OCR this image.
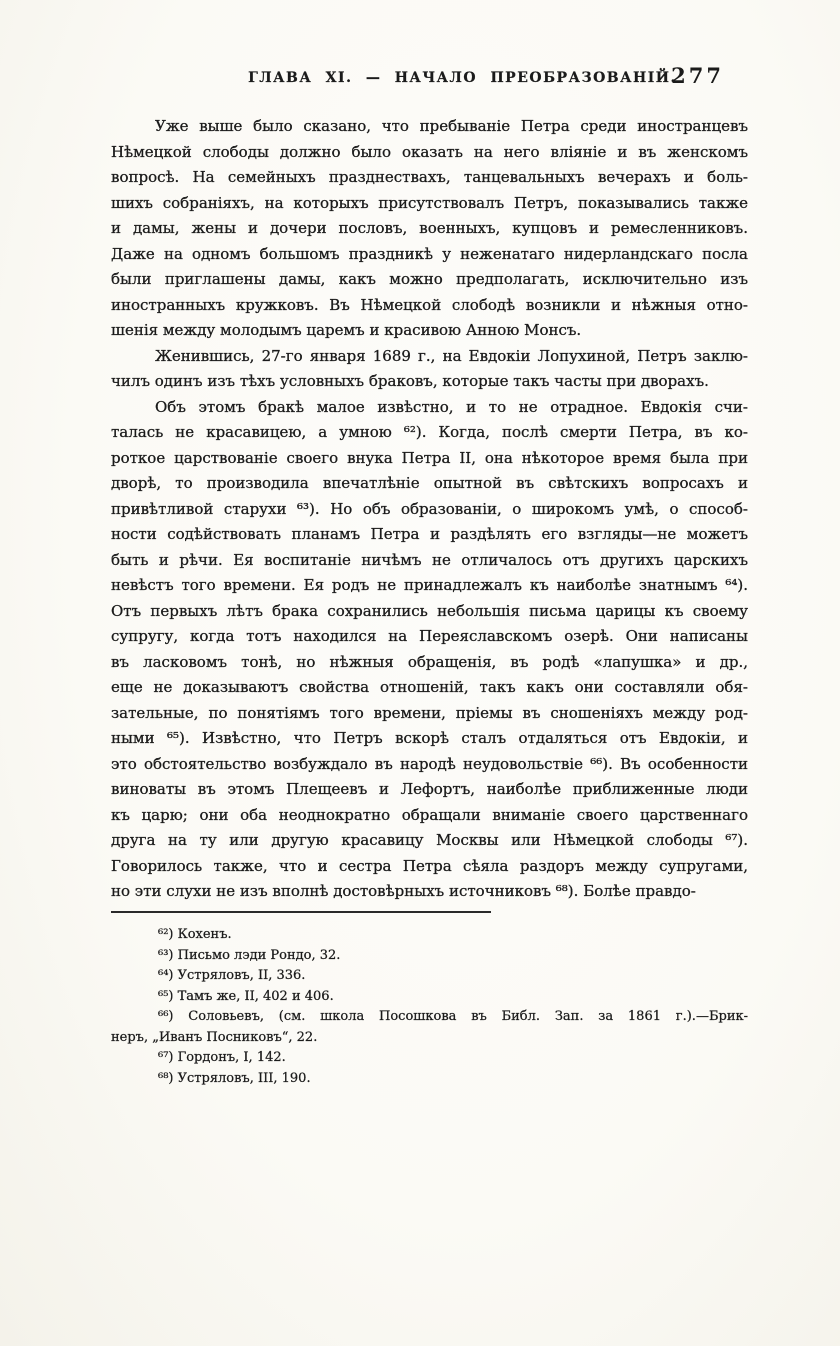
ГЛАВА XI. — НАЧАЛО ПРЕОБРАЗОВАНІЙ.
277
Уже выше было сказано, что пребываніе Петра среди иностранцевъ
Нѣмецкой слободы должно было оказать на него вліяніе и въ женскомъ
вопросѣ. На семейныхъ празднествахъ, танцевальныхъ вечерахъ и боль-
шихъ собраніяхъ, на которыхъ присутствовалъ Петръ, показывались также
и дамы, жены и дочери пословъ, военныхъ, купцовъ и ремесленниковъ.
Даже на одномъ большомъ праздникѣ у неженатаго нидерландскаго посла
были приглашены дамы, какъ можно предполагать, исключительно изъ
иностранныхъ кружковъ. Въ Нѣмецкой слободѣ возникли и нѣжныя отно-
шенія между молодымъ царемъ и красивою Анною Монсъ.
Женившись, 27-го января 1689 г., на Евдокіи Лопухиной, Петръ заклю-
чилъ одинъ изъ тѣхъ условныхъ браковъ, которые такъ часты при дворахъ.
Объ этомъ бракѣ малое извѣстно, и то не отрадное. Евдокія счи-
талась не красавицею, а умною ⁶²). Когда, послѣ смерти Петра, въ ко-
роткое царствованіе своего внука Петра II, она нѣкоторое время была при
дворѣ, то производила впечатлѣніе опытной въ свѣтскихъ вопросахъ и
привѣтливой старухи ⁶³). Но объ образованіи, о широкомъ умѣ, о способ-
ности содѣйствовать планамъ Петра и раздѣлять его взгляды—не можетъ
быть и рѣчи. Ея воспитаніе ничѣмъ не отличалось отъ другихъ царскихъ
невѣстъ того времени. Ея родъ не принадлежалъ къ наиболѣе знатнымъ ⁶⁴).
Отъ первыхъ лѣтъ брака сохранились небольшія письма царицы къ своему
супругу, когда тотъ находился на Переяславскомъ озерѣ. Они написаны
въ ласковомъ тонѣ, но нѣжныя обращенія, въ родѣ «лапушка» и др.,
еще не доказываютъ свойства отношеній, такъ какъ они составляли обя-
зательные, по понятіямъ того времени, пріемы въ сношеніяхъ между род-
ными ⁶⁵). Извѣстно, что Петръ вскорѣ сталъ отдаляться отъ Евдокіи, и
это обстоятельство возбуждало въ народѣ неудовольствіе ⁶⁶). Въ особенности
виноваты въ этомъ Плещеевъ и Лефортъ, наиболѣе приближенные люди
къ царю; они оба неоднократно обращали вниманіе своего царственнаго
друга на ту или другую красавицу Москвы или Нѣмецкой слободы ⁶⁷).
Говорилось также, что и сестра Петра сѣяла раздоръ между супругами,
но эти слухи не изъ вполнѣ достовѣрныхъ источниковъ ⁶⁸). Болѣе правдо-
⁶²) Кохенъ.
⁶³) Письмо лэди Рондо, 32.
⁶⁴) Устряловъ, II, 336.
⁶⁵) Тамъ же, II, 402 и 406.
⁶⁶) Соловьевъ, (см. школа Посошкова въ Библ. Зап. за 1861 г.).—Брик-
неръ, „Иванъ Посниковъ“, 22.
⁶⁷) Гордонъ, I, 142.
⁶⁸) Устряловъ, III, 190.
